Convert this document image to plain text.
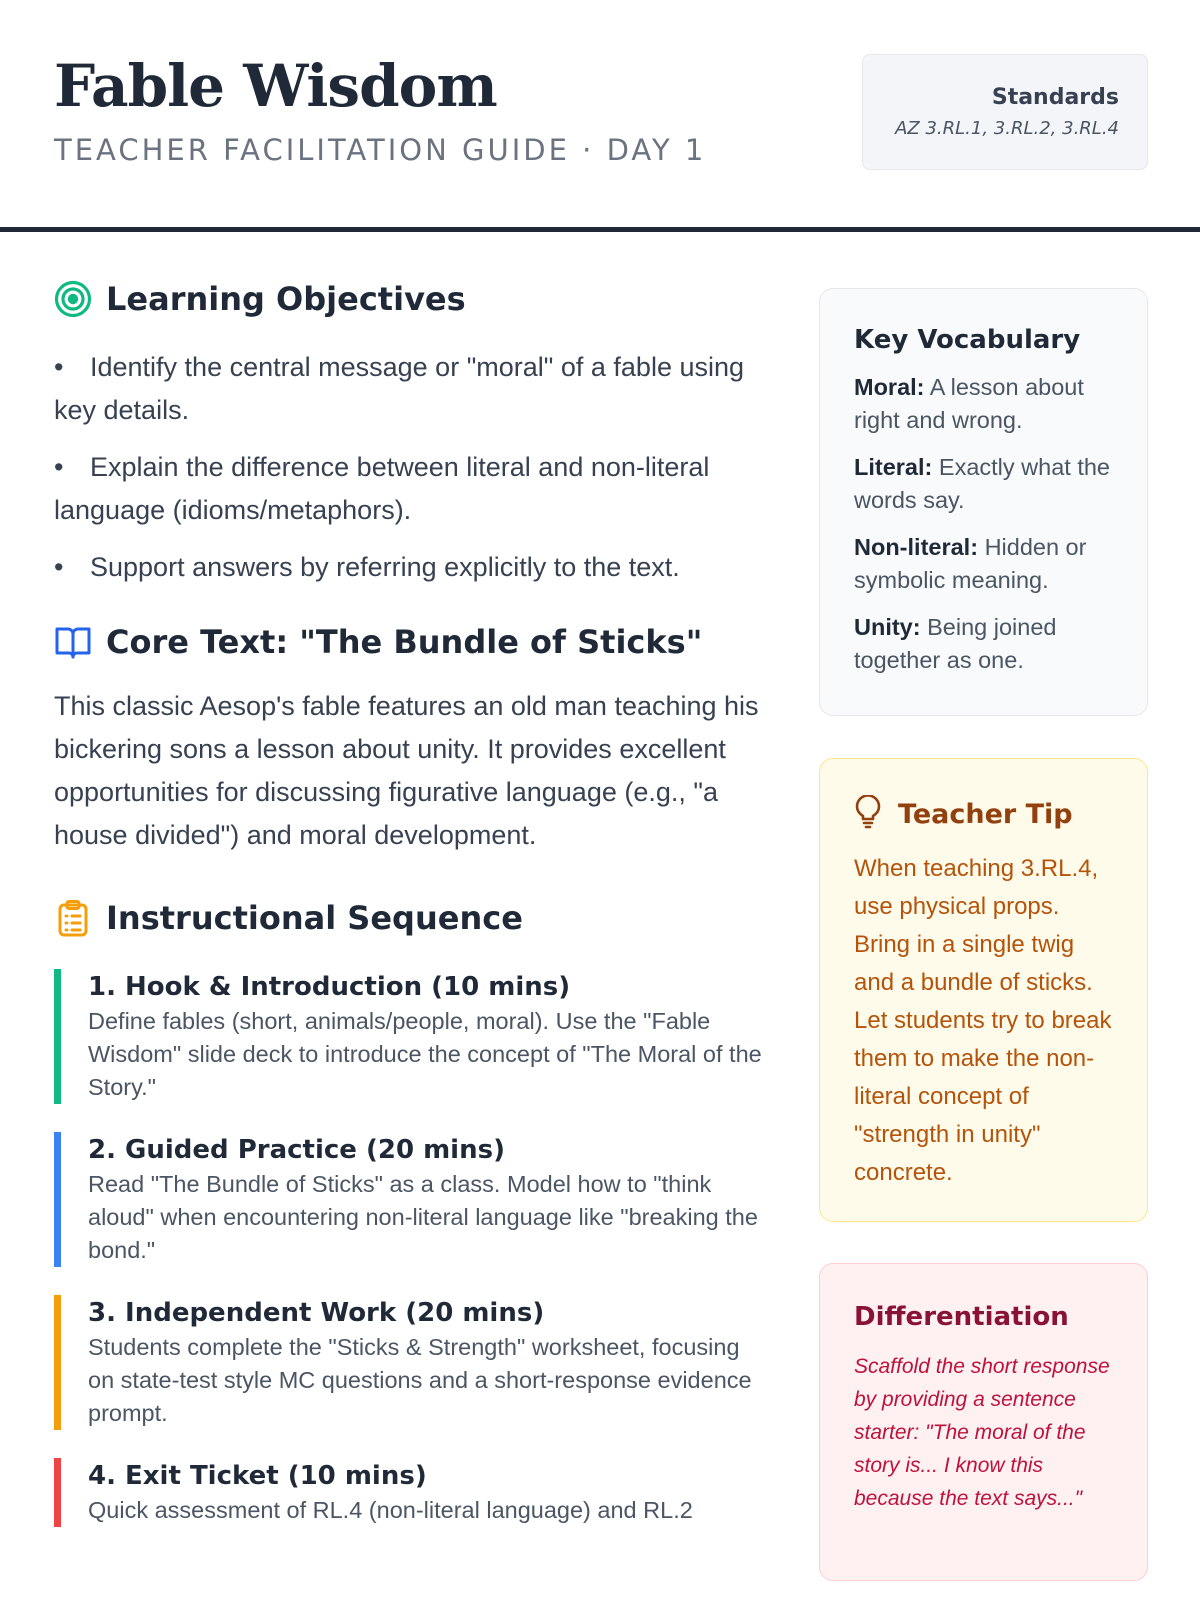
Fable Wisdom
TEACHER FACILITATION GUIDE · DAY 1
Standards
AZ 3.RL.1, 3.RL.2, 3.RL.4
Learning Objectives
• Identify the central message or "moral" of a fable using key details.
• Explain the difference between literal and non-literal language (idioms/metaphors).
• Support answers by referring explicitly to the text.
Core Text: "The Bundle of Sticks"

This classic Aesop's fable features an old man teaching his bickering sons a lesson about unity. It provides excellent opportunities for discussing figurative language (e.g., "a house divided") and moral development.

Instructional Sequence
1. Hook & Introduction (10 mins)

Define fables (short, animals/people, moral). Use the "Fable Wisdom" slide deck to introduce the concept of "The Moral of the Story."

2. Guided Practice (20 mins)

Read "The Bundle of Sticks" as a class. Model how to "think aloud" when encountering non-literal language like "breaking the bond."

3. Independent Work (20 mins)

Students complete the "Sticks & Strength" worksheet, focusing on state-test style MC questions and a short-response evidence prompt.

4. Exit Ticket (10 mins)

Quick assessment of RL.4 (non-literal language) and RL.2

Key Vocabulary
Moral: A lesson about right and wrong.
Literal: Exactly what the words say.
Non-literal: Hidden or symbolic meaning.
Unity: Being joined together as one.
Teacher Tip

When teaching 3.RL.4, use physical props. Bring in a single twig and a bundle of sticks. Let students try to break them to make the non-literal concept of "strength in unity" concrete.

Differentiation

Scaffold the short response by providing a sentence starter: "The moral of the story is... I know this because the text says..."
